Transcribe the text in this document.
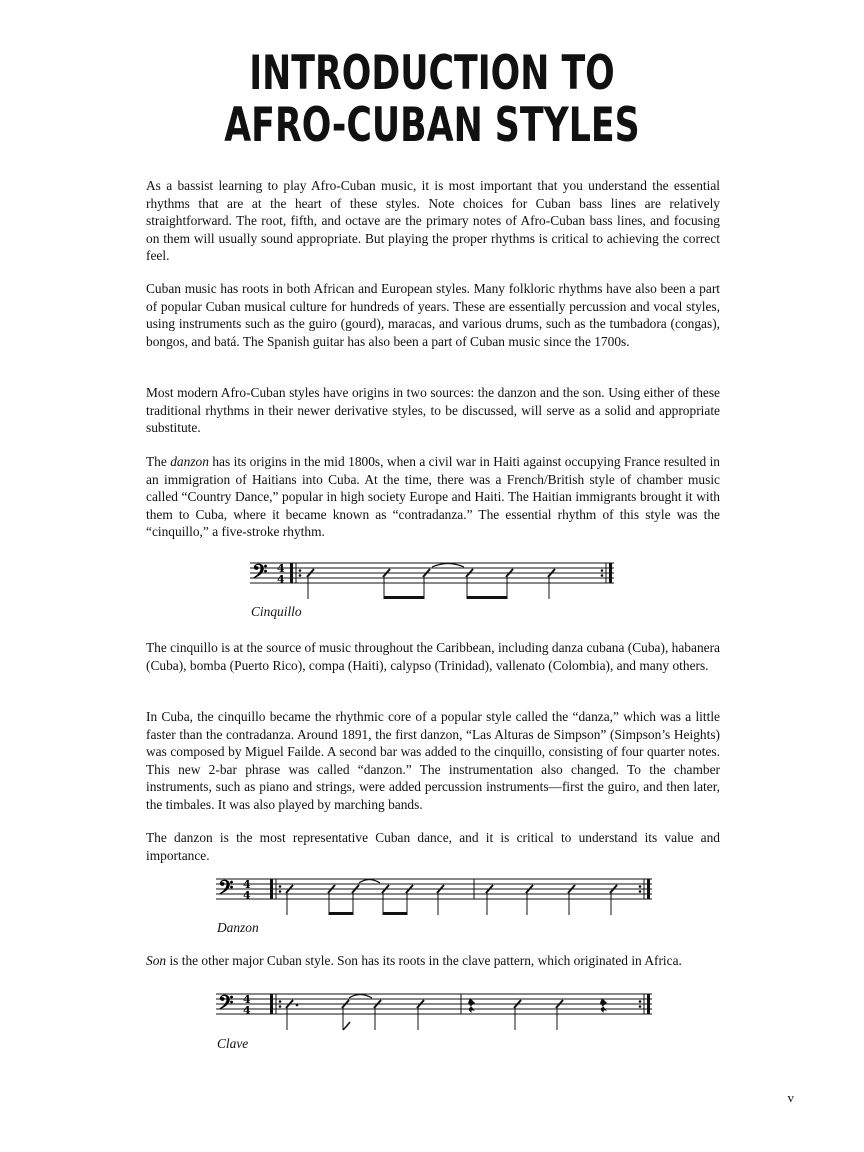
INTRODUCTION TO
AFRO-CUBAN STYLES

As a bassist learning to play Afro-Cuban music, it is most important that you understand the essential rhythms that are at the heart of these styles. Note choices for Cuban bass lines are relatively straightforward. The root, fifth, and octave are the primary notes of Afro-Cuban bass lines, and focusing on them will usually sound appropriate. But playing the proper rhythms is critical to achieving the correct feel.

Cuban music has roots in both African and European styles. Many folkloric rhythms have also been a part of popular Cuban musical culture for hundreds of years. These are essentially percussion and vocal styles, using instruments such as the guiro (gourd), maracas, and various drums, such as the tumbadora (congas), bongos, and batá. The Spanish guitar has also been a part of Cuban music since the 1700s.

Most modern Afro-Cuban styles have origins in two sources: the danzon and the son. Using either of these traditional rhythms in their newer derivative styles, to be discussed, will serve as a solid and appropriate substitute.

The danzon has its origins in the mid 1800s, when a civil war in Haiti against occupying France resulted in an immigration of Haitians into Cuba. At the time, there was a French/British style of chamber music called “Country Dance,” popular in high society Europe and Haiti. The Haitian immigrants brought it with them to Cuba, where it became known as “contradanza.” The essential rhythm of this style was the “cinquillo,” a five-stroke rhythm.

𝄢 4
4
Cinquillo

The cinquillo is at the source of music throughout the Caribbean, including danza cubana (Cuba), habanera (Cuba), bomba (Puerto Rico), compa (Haiti), calypso (Trinidad), vallenato (Colombia), and many others.

In Cuba, the cinquillo became the rhythmic core of a popular style called the “danza,” which was a little faster than the contradanza. Around 1891, the first danzon, “Las Alturas de Simpson” (Simpson’s Heights) was composed by Miguel Failde. A second bar was added to the cinquillo, consisting of four quarter notes. This new 2-bar phrase was called “danzon.” The instrumentation also changed. To the chamber instruments, such as piano and strings, were added percussion instruments—first the guiro, and then later, the timbales. It was also played by marching bands.

The danzon is the most representative Cuban dance, and it is critical to understand its value and importance.

𝄢 4
4
Danzon

Son is the other major Cuban style. Son has its roots in the clave pattern, which originated in Africa.

𝄢 4
4
Clave
v
